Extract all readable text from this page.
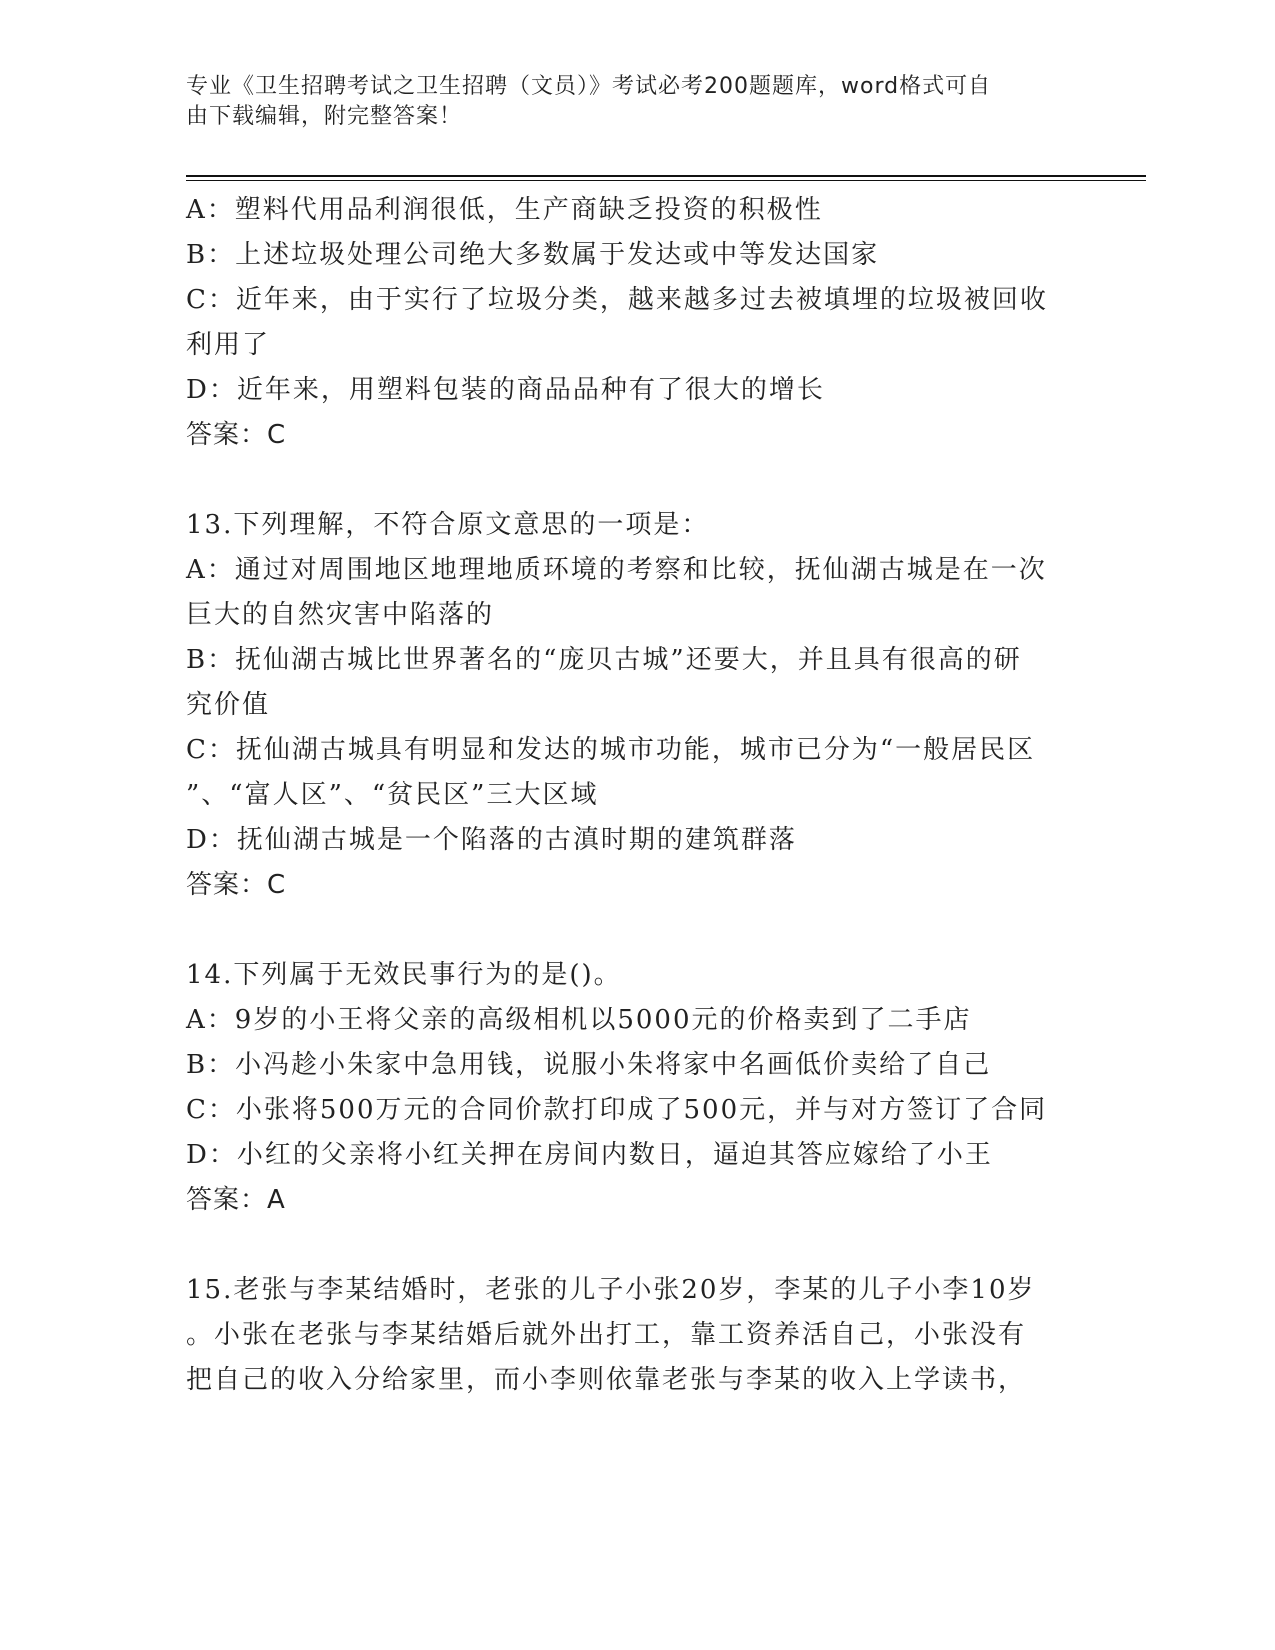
专业《卫生招聘考试之卫生招聘（文员）》考试必考200题题库，word格式可自
由下载编辑，附完整答案！

A：塑料代用品利润很低，生产商缺乏投资的积极性

B：上述垃圾处理公司绝大多数属于发达或中等发达国家

C：近年来，由于实行了垃圾分类，越来越多过去被填埋的垃圾被回收

利用了

D：近年来，用塑料包装的商品品种有了很大的增长

答案：C

13.下列理解，不符合原文意思的一项是：

A：通过对周围地区地理地质环境的考察和比较，抚仙湖古城是在一次

巨大的自然灾害中陷落的

B：抚仙湖古城比世界著名的“庞贝古城”还要大，并且具有很高的研

究价值

C：抚仙湖古城具有明显和发达的城市功能，城市已分为“一般居民区

”、“富人区”、“贫民区”三大区域

D：抚仙湖古城是一个陷落的古滇时期的建筑群落

答案：C

14.下列属于无效民事行为的是()。

A：9岁的小王将父亲的高级相机以5000元的价格卖到了二手店

B：小冯趁小朱家中急用钱，说服小朱将家中名画低价卖给了自己

C：小张将500万元的合同价款打印成了500元，并与对方签订了合同

D：小红的父亲将小红关押在房间内数日，逼迫其答应嫁给了小王

答案：A

15.老张与李某结婚时，老张的儿子小张20岁，李某的儿子小李10岁

。小张在老张与李某结婚后就外出打工，靠工资养活自己，小张没有

把自己的收入分给家里，而小李则依靠老张与李某的收入上学读书，
